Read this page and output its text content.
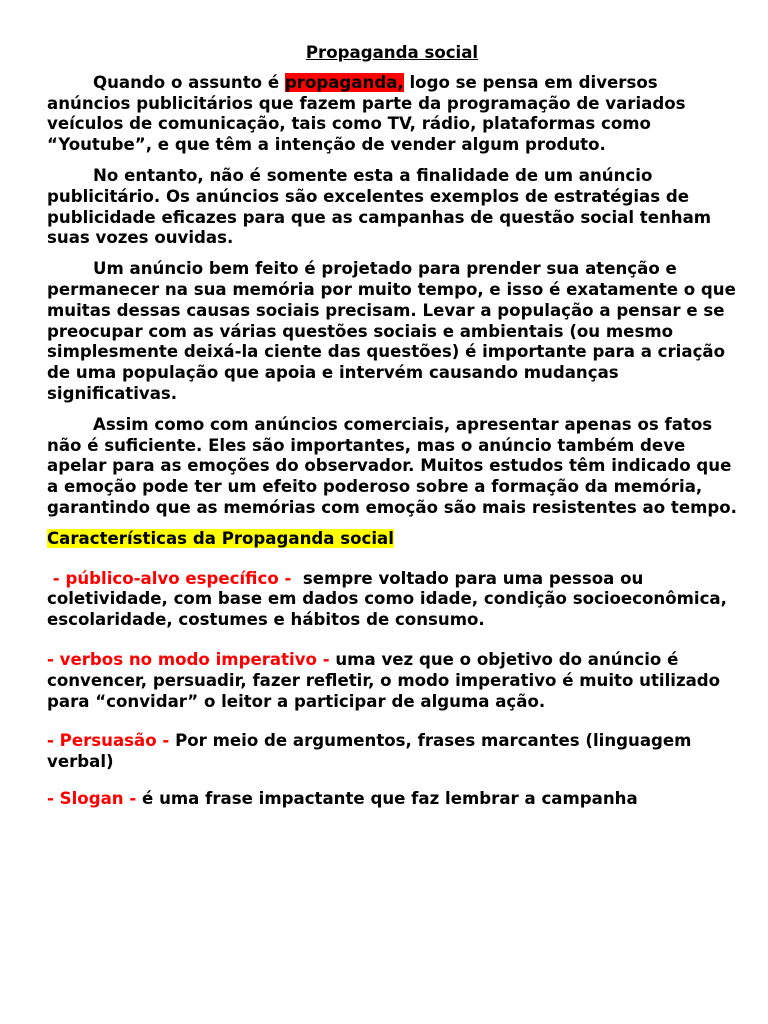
Propaganda social

Quando o assunto é propaganda, logo se pensa em diversos anúncios publicitários que fazem parte da programação de variados veículos de comunicação, tais como TV, rádio, plataformas como “Youtube”, e que têm a intenção de vender algum produto.

No entanto, não é somente esta a finalidade de um anúncio publicitário. Os anúncios são excelentes exemplos de estratégias de publicidade eficazes para que as campanhas de questão social tenham suas vozes ouvidas.

Um anúncio bem feito é projetado para prender sua atenção e permanecer na sua memória por muito tempo, e isso é exatamente o que muitas dessas causas sociais precisam. Levar a população a pensar e se preocupar com as várias questões sociais e ambientais (ou mesmo simplesmente deixá-la ciente das questões) é importante para a criação de uma população que apoia e intervém causando mudanças significativas.

Assim como com anúncios comerciais, apresentar apenas os fatos não é suficiente. Eles são importantes, mas o anúncio também deve apelar para as emoções do observador. Muitos estudos têm indicado que a emoção pode ter um efeito poderoso sobre a formação da memória, garantindo que as memórias com emoção são mais resistentes ao tempo.

Características da Propaganda social

- público-alvo específico -  sempre voltado para uma pessoa ou coletividade, com base em dados como idade, condição socioeconômica, escolaridade, costumes e hábitos de consumo.

- verbos no modo imperativo - uma vez que o objetivo do anúncio é convencer, persuadir, fazer refletir, o modo imperativo é muito utilizado para “convidar” o leitor a participar de alguma ação.

- Persuasão - Por meio de argumentos, frases marcantes (linguagem verbal)

- Slogan - é uma frase impactante que faz lembrar a campanha
